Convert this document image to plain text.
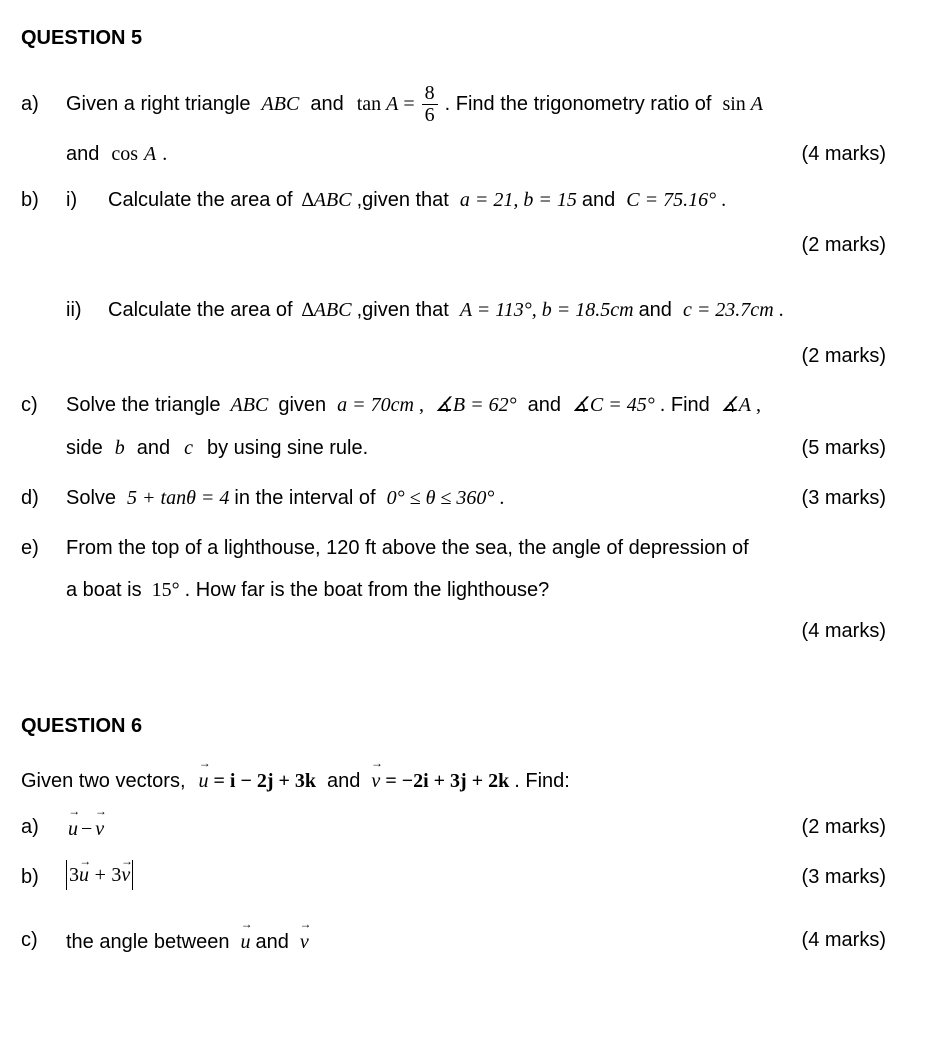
QUESTION 5
a) Given a right triangle ABC and $\tan A = \frac{8}{6}$ . Find the trigonometry ratio of sin A
and cos A .	(4 marks)
b) i) Calculate the area of ∆ABC ,given that a = 21, b = 15 and C = 75.16° .
(2 marks)
ii) Calculate the area of ∆ABC ,given that A = 113°, b = 18.5cm and c = 23.7cm .
(2 marks)
c) Solve the triangle ABC given a = 70cm , ∡B = 62° and ∡C = 45° . Find ∡A ,
side b and c by using sine rule.	(5 marks)
d) Solve 5 + tanθ = 4 in the interval of 0° ≤ θ ≤ 360° .	(3 marks)
e) From the top of a lighthouse, 120 ft above the sea, the angle of depression of
a boat is 15° . How far is the boat from the lighthouse?
(4 marks)
QUESTION 6
Given two vectors, → u = i − 2j + 3k and → v = −2i + 3j + 2k . Find:
a) → u − → v	(2 marks)
b) 3→ u + 3→ v	(3 marks)
c) the angle between → u and → v	(4 marks)
